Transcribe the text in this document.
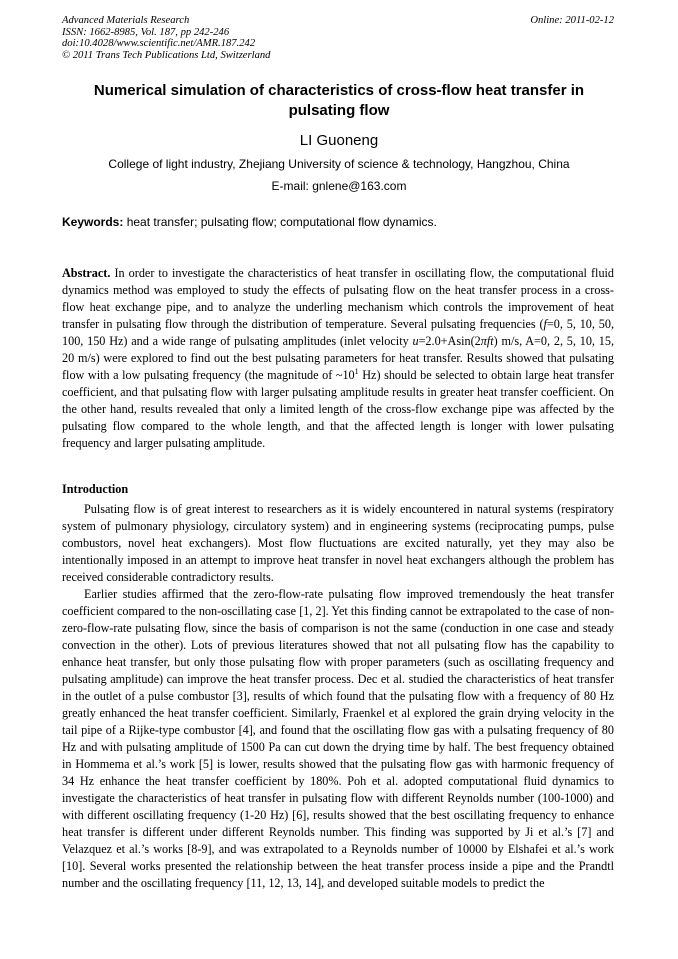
Advanced Materials Research
ISSN: 1662-8985, Vol. 187, pp 242-246
doi:10.4028/www.scientific.net/AMR.187.242
© 2011 Trans Tech Publications Ltd, Switzerland
Online: 2011-02-12
Numerical simulation of characteristics of cross-flow heat transfer in pulsating flow
LI Guoneng
College of light industry, Zhejiang University of science & technology, Hangzhou, China
E-mail: gnlene@163.com
Keywords: heat transfer; pulsating flow; computational flow dynamics.

Abstract. In order to investigate the characteristics of heat transfer in oscillating flow, the computational fluid dynamics method was employed to study the effects of pulsating flow on the heat transfer process in a cross-flow heat exchange pipe, and to analyze the underling mechanism which controls the improvement of heat transfer in pulsating flow through the distribution of temperature. Several pulsating frequencies (f=0, 5, 10, 50, 100, 150 Hz) and a wide range of pulsating amplitudes (inlet velocity u=2.0+Asin(2πft) m/s, A=0, 2, 5, 10, 15, 20 m/s) were explored to find out the best pulsating parameters for heat transfer. Results showed that pulsating flow with a low pulsating frequency (the magnitude of $\sim 10^1$ Hz) should be selected to obtain large heat transfer coefficient, and that pulsating flow with larger pulsating amplitude results in greater heat transfer coefficient. On the other hand, results revealed that only a limited length of the cross-flow exchange pipe was affected by the pulsating flow compared to the whole length, and that the affected length is longer with lower pulsating frequency and larger pulsating amplitude.

Introduction

Pulsating flow is of great interest to researchers as it is widely encountered in natural systems (respiratory system of pulmonary physiology, circulatory system) and in engineering systems (reciprocating pumps, pulse combustors, novel heat exchangers). Most flow fluctuations are excited naturally, yet they may also be intentionally imposed in an attempt to improve heat transfer in novel heat exchangers although the problem has received considerable contradictory results.

Earlier studies affirmed that the zero-flow-rate pulsating flow improved tremendously the heat transfer coefficient compared to the non-oscillating case [1, 2]. Yet this finding cannot be extrapolated to the case of non-zero-flow-rate pulsating flow, since the basis of comparison is not the same (conduction in one case and steady convection in the other). Lots of previous literatures showed that not all pulsating flow has the capability to enhance heat transfer, but only those pulsating flow with proper parameters (such as oscillating frequency and pulsating amplitude) can improve the heat transfer process. Dec et al. studied the characteristics of heat transfer in the outlet of a pulse combustor [3], results of which found that the pulsating flow with a frequency of 80 Hz greatly enhanced the heat transfer coefficient. Similarly, Fraenkel et al explored the grain drying velocity in the tail pipe of a Rijke-type combustor [4], and found that the oscillating flow gas with a pulsating frequency of 80 Hz and with pulsating amplitude of 1500 Pa can cut down the drying time by half. The best frequency obtained in Hommema et al.’s work [5] is lower, results showed that the pulsating flow gas with harmonic frequency of 34 Hz enhance the heat transfer coefficient by 180%. Poh et al. adopted computational fluid dynamics to investigate the characteristics of heat transfer in pulsating flow with different Reynolds number (100-1000) and with different oscillating frequency (1-20 Hz) [6], results showed that the best oscillating frequency to enhance heat transfer is different under different Reynolds number. This finding was supported by Ji et al.’s [7] and Velazquez et al.’s works [8-9], and was extrapolated to a Reynolds number of 10000 by Elshafei et al.’s work [10]. Several works presented the relationship between the heat transfer process inside a pipe and the Prandtl number and the oscillating frequency [11, 12, 13, 14], and developed suitable models to predict the
